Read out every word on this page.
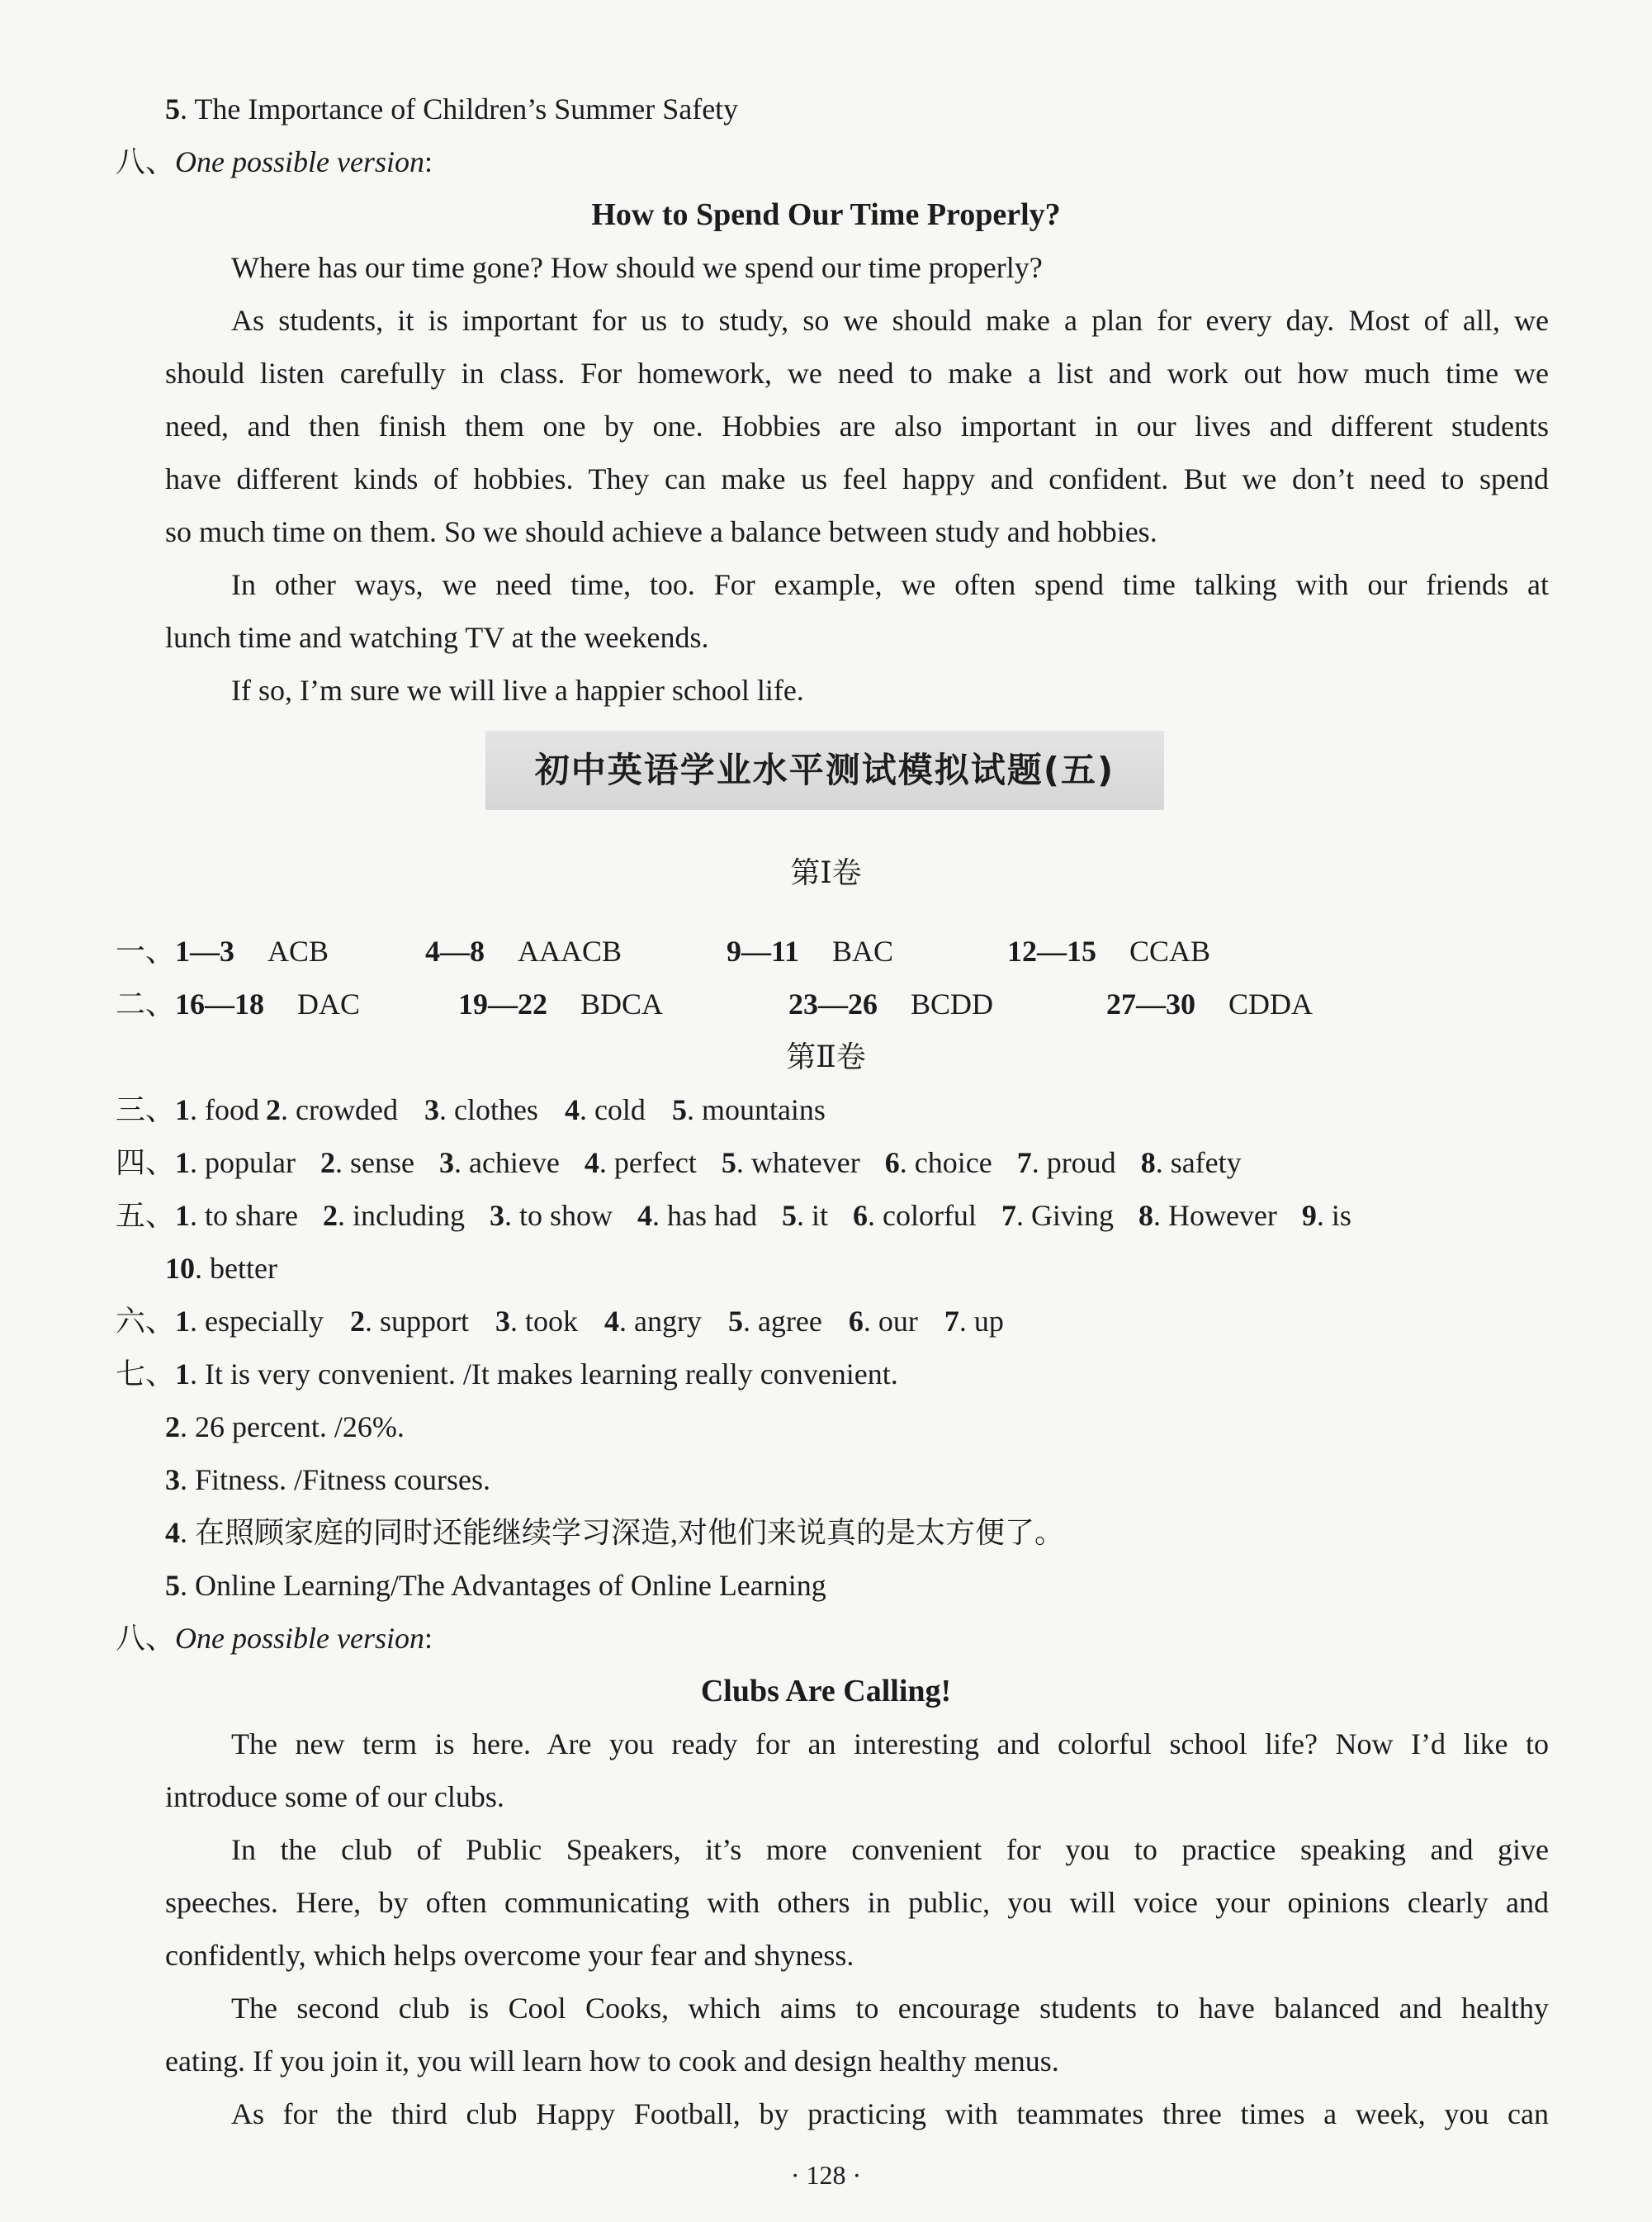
5. The Importance of Children’s Summer Safety
八、One possible version:
How to Spend Our Time Properly?
Where has our time gone? How should we spend our time properly?
As students, it is important for us to study, so we should make a plan for every day. Most of all, we
should listen carefully in class. For homework, we need to make a list and work out how much time we
need, and then finish them one by one. Hobbies are also important in our lives and different students
have different kinds of hobbies. They can make us feel happy and confident. But we don’t need to spend
so much time on them. So we should achieve a balance between study and hobbies.
In other ways, we need time, too. For example, we often spend time talking with our friends at
lunch time and watching TV at the weekends.
If so, I’m sure we will live a happier school life.
初中英语学业水平测试模拟试题(五)
第Ⅰ卷
一、1—3 ACB	4—8 AAACB	9—11 BAC	12—15 CCAB
二、16—18 DAC	19—22 BDCA	23—26 BCDD	27—30 CDDA
第Ⅱ卷
三、1. food 2. crowded 3. clothes 4. cold 5. mountains
四、1. popular 2. sense 3. achieve 4. perfect 5. whatever 6. choice 7. proud 8. safety
五、1. to share 2. including 3. to show 4. has had 5. it 6. colorful 7. Giving 8. However 9. is
10. better
六、1. especially 2. support 3. took 4. angry 5. agree 6. our 7. up
七、1. It is very convenient. /It makes learning really convenient.
2. 26 percent. /26%.
3. Fitness. /Fitness courses.
4. 在照顾家庭的同时还能继续学习深造,对他们来说真的是太方便了。
5. Online Learning/The Advantages of Online Learning
八、One possible version:
Clubs Are Calling!
The new term is here. Are you ready for an interesting and colorful school life? Now I’d like to
introduce some of our clubs.
In the club of Public Speakers, it’s more convenient for you to practice speaking and give
speeches. Here, by often communicating with others in public, you will voice your opinions clearly and
confidently, which helps overcome your fear and shyness.
The second club is Cool Cooks, which aims to encourage students to have balanced and healthy
eating. If you join it, you will learn how to cook and design healthy menus.
As for the third club Happy Football, by practicing with teammates three times a week, you can
· 128 ·
